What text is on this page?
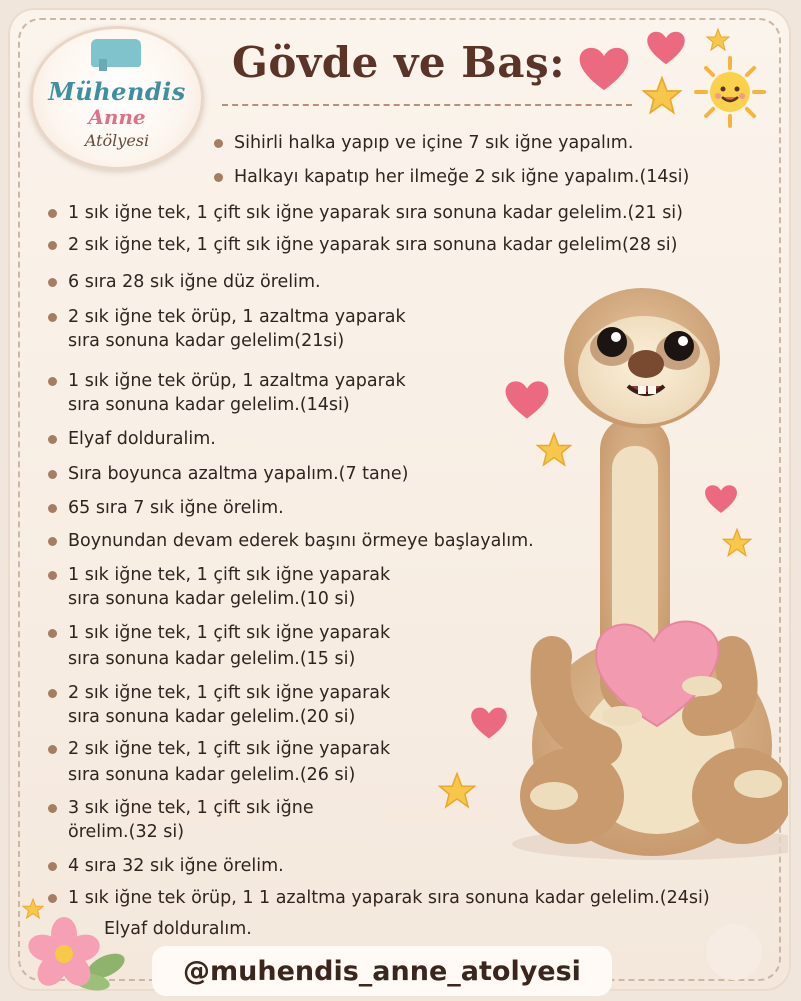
Mühendis
Anne
Atölyesi
Gövde ve Baş:
Sihirli halka yapıp ve içine 7 sık iğne yapalım.
Halkayı kapatıp her ilmeğe 2 sık iğne yapalım.(14si)
1 sık iğne tek, 1 çift sık iğne yaparak sıra sonuna kadar gelelim.(21 si)
2 sık iğne tek, 1 çift sık iğne yaparak sıra sonuna kadar gelelim(28 si)
6 sıra 28 sık iğne düz örelim.
2 sık iğne tek örüp, 1 azaltma yaparak
sıra sonuna kadar gelelim(21si)
1 sık iğne tek örüp, 1 azaltma yaparak
sıra sonuna kadar gelelim.(14si)
Elyaf dolduralim.
Sıra boyunca azaltma yapalım.(7 tane)
65 sıra 7 sık iğne örelim.
Boynundan devam ederek başını örmeye başlayalım.
1 sık iğne tek, 1 çift sık iğne yaparak
sıra sonuna kadar gelelim.(10 si)
1 sık iğne tek, 1 çift sık iğne yaparak
sıra sonuna kadar gelelim.(15 si)
2 sık iğne tek, 1 çift sık iğne yaparak
sıra sonuna kadar gelelim.(20 si)
2 sık iğne tek, 1 çift sık iğne yaparak
sıra sonuna kadar gelelim.(26 si)
3 sık iğne tek, 1 çift sık iğne
örelim.(32 si)
4 sıra 32 sık iğne örelim.
1 sık iğne tek örüp, 1 1 azaltma yaparak sıra sonuna kadar gelelim.(24si)
Elyaf dolduralım.
@muhendis_anne_atolyesi
